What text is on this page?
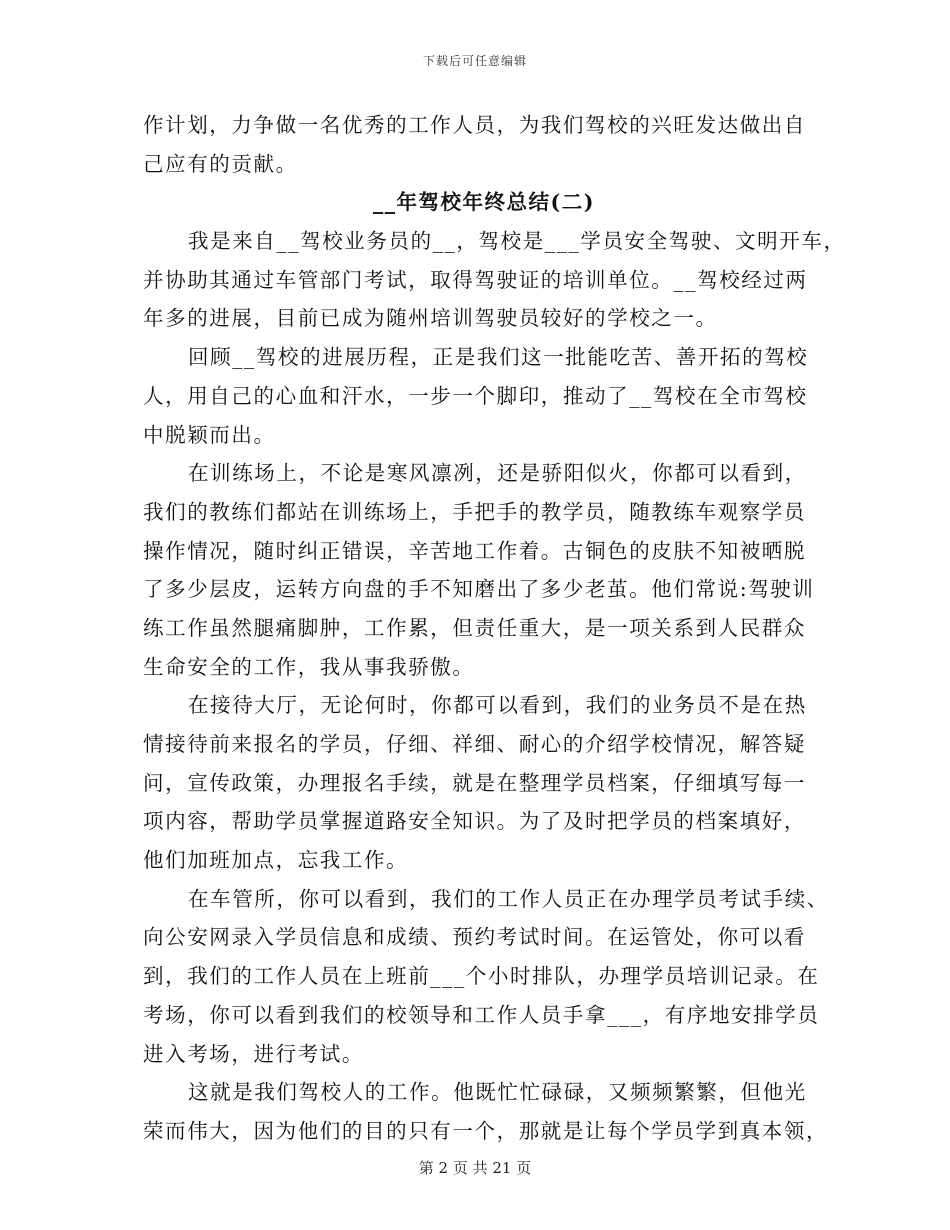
下载后可任意编辑
作计划，力争做一名优秀的工作人员，为我们驾校的兴旺发达做出自
己应有的贡献。
__年驾校年终总结(二)
我是来自__驾校业务员的__，驾校是___学员安全驾驶、文明开车，
并协助其通过车管部门考试，取得驾驶证的培训单位。__驾校经过两
年多的进展，目前已成为随州培训驾驶员较好的学校之一。
回顾__驾校的进展历程，正是我们这一批能吃苦、善开拓的驾校
人，用自己的心血和汗水，一步一个脚印，推动了__驾校在全市驾校
中脱颖而出。
在训练场上，不论是寒风凛冽，还是骄阳似火，你都可以看到，
我们的教练们都站在训练场上，手把手的教学员，随教练车观察学员
操作情况，随时纠正错误，辛苦地工作着。古铜色的皮肤不知被晒脱
了多少层皮，运转方向盘的手不知磨出了多少老茧。他们常说:驾驶训
练工作虽然腿痛脚肿，工作累，但责任重大，是一项关系到人民群众
生命安全的工作，我从事我骄傲。
在接待大厅，无论何时，你都可以看到，我们的业务员不是在热
情接待前来报名的学员，仔细、祥细、耐心的介绍学校情况，解答疑
问，宣传政策，办理报名手续，就是在整理学员档案，仔细填写每一
项内容，帮助学员掌握道路安全知识。为了及时把学员的档案填好，
他们加班加点，忘我工作。
在车管所，你可以看到，我们的工作人员正在办理学员考试手续、
向公安网录入学员信息和成绩、预约考试时间。在运管处，你可以看
到，我们的工作人员在上班前___个小时排队，办理学员培训记录。在
考场，你可以看到我们的校领导和工作人员手拿___，有序地安排学员
进入考场，进行考试。
这就是我们驾校人的工作。他既忙忙碌碌，又频频繁繁，但他光
荣而伟大，因为他们的目的只有一个，那就是让每个学员学到真本领，
第 2 页 共 21 页
